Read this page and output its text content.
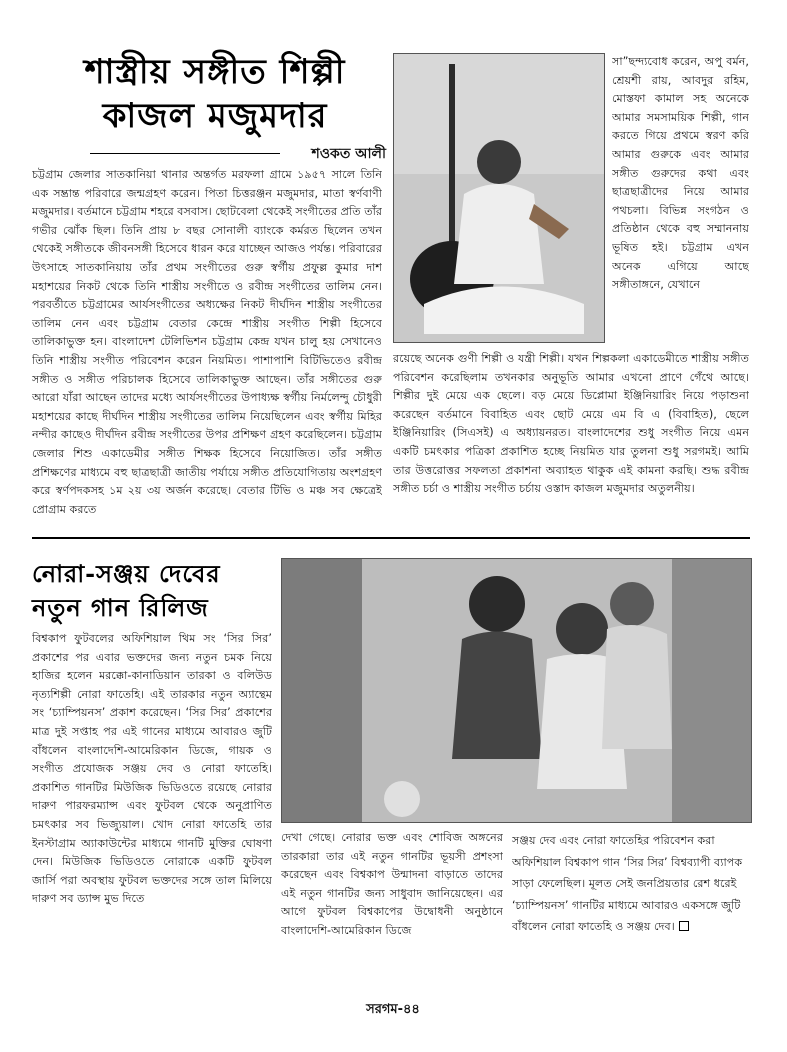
শাস্ত্রীয় সঙ্গীত শিল্পী
কাজল মজুমদার
শওকত আলী
চট্টগ্রাম জেলার সাতকানিয়া থানার অন্তর্গত মরফলা গ্রামে ১৯৫৭ সালে তিনি এক সম্ভ্রান্ত পরিবারে জন্মগ্রহণ করেন। পিতা চিত্তরঞ্জন মজুমদার, মাতা স্বর্ণবাণী মজুমদার। বর্তমানে চট্টগ্রাম শহরে বসবাস। ছোটবেলা থেকেই সংগীতের প্রতি তাঁর গভীর ঝোঁক ছিল। তিনি প্রায় ৮ বছর সোনালী ব্যাংকে কর্মরত ছিলেন তখন থেকেই সঙ্গীতকে জীবনসঙ্গী হিসেবে ধারন করে যাচ্ছেন আজও পর্যন্ত। পরিবারের উৎসাহে সাতকানিয়ায় তাঁর প্রথম সংগীতের গুরু স্বর্গীয় প্রফুল্ল কুমার দাশ মহাশয়ের নিকট থেকে তিনি শাস্ত্রীয় সংগীতে ও রবীন্দ্র সংগীতের তালিম নেন। পরবর্তীতে চট্টগ্রামের আর্যসংগীতের অধ্যক্ষের নিকট দীর্ঘদিন শাস্ত্রীয় সংগীতের তালিম নেন এবং চট্টগ্রাম বেতার কেন্দ্রে শাস্ত্রীয় সংগীত শিল্পী হিসেবে তালিকাভুক্ত হন। বাংলাদেশ টেলিভিশন চট্টগ্রাম কেন্দ্র যখন চালু হয় সেখানেও তিনি শাস্ত্রীয় সংগীত পরিবেশন করেন নিয়মিত। পাশাপাশি বিটিভিতেও রবীন্দ্র সঙ্গীত ও সঙ্গীত পরিচালক হিসেবে তালিকাভুক্ত আছেন। তাঁর সঙ্গীতের গুরু আরো যাঁরা আছেন তাদের মধ্যে আর্যসংগীতের উপাধ্যক্ষ স্বর্গীয় নির্মলেন্দু চৌধুরী মহাশয়ের কাছে দীর্ঘদিন শাস্ত্রীয় সংগীতের তালিম নিয়েছিলেন এবং স্বর্গীয় মিহির নন্দীর কাছেও দীর্ঘদিন রবীন্দ্র সংগীতের উপর প্রশিক্ষণ গ্রহণ করেছিলেন। চট্টগ্রাম জেলার শিশু একাডেমীর সঙ্গীত শিক্ষক হিসেবে নিয়োজিত। তাঁর সঙ্গীত প্রশিক্ষণের মাধ্যমে বহু ছাত্রছাত্রী জাতীয় পর্যায়ে সঙ্গীত প্রতিযোগিতায় অংশগ্রহণ করে স্বর্ণপদকসহ ১ম ২য় ৩য় অর্জন করেছে। বেতার টিভি ও মঞ্চ সব ক্ষেত্রেই প্রোগ্রাম করতে
সা”ছন্দ্যবোধ করেন, অপু বর্মন, শ্রেয়শী রায়, আবদুর রহিম, মোস্তফা কামাল সহ অনেকে আমার সমসাময়িক শিল্পী, গান করতে গিয়ে প্রথমে স্বরণ করি আমার গুরুকে এবং আমার সঙ্গীত গুরুদের কথা এবং ছাত্রছাত্রীদের নিয়ে আমার পথচলা। বিভিন্ন সংগঠন ও প্রতিষ্ঠান থেকে বহু সম্মাননায় ভূষিত হই। চট্টগ্রাম এখন অনেক এগিয়ে আছে সঙ্গীতাঙ্গনে, যেখানে
রয়েছে অনেক গুণী শিল্পী ও যন্ত্রী শিল্পী। যখন শিল্পকলা একাডেমীতে শাস্ত্রীয় সঙ্গীত পরিবেশন করেছিলাম তখনকার অনুভূতি আমার এখনো প্রাণে গেঁথে আছে। শিল্পীর দুই মেয়ে এক ছেলে। বড় মেয়ে ডিপ্লোমা ইঞ্জিনিয়ারিং নিয়ে পড়াশুনা করেছেন বর্তমানে বিবাহিত এবং ছোট মেয়ে এম বি এ (বিবাহিত), ছেলে ইঞ্জিনিয়ারিং (সিএসই) এ অধ্যায়নরত। বাংলাদেশের শুধু সংগীত নিয়ে এমন একটি চমৎকার পত্রিকা প্রকাশিত হচ্ছে নিয়মিত যার তুলনা শুধু সরগমই। আমি তার উত্তরোত্তর সফলতা প্রকাশনা অব্যাহত থাকুক এই কামনা করছি। শুদ্ধ রবীন্দ্র সঙ্গীত চর্চা ও শাস্ত্রীয় সংগীত চর্চায় ওস্তাদ কাজল মজুমদার অতুলনীয়।
নোরা-সঞ্জয় দেবের
নতুন গান রিলিজ
বিশ্বকাপ ফুটবলের অফিশিয়াল থিম সং ‘সির সির’ প্রকাশের পর এবার ভক্তদের জন্য নতুন চমক নিয়ে হাজির হলেন মরক্কো-কানাডিয়ান তারকা ও বলিউড নৃত্যশিল্পী নোরা ফাতেহি। এই তারকার নতুন অ্যান্থেম সং ‘চ্যাম্পিয়নস’ প্রকাশ করেছেন। ‘সির সির’ প্রকাশের মাত্র দুই সপ্তাহ পর এই গানের মাধ্যমে আবারও জুটি বাঁধলেন বাংলাদেশি-আমেরিকান ডিজে, গায়ক ও সংগীত প্রযোজক সঞ্জয় দেব ও নোরা ফাতেহি। প্রকাশিত গানটির মিউজিক ভিডিওতে রয়েছে নোরার দারুণ পারফরম্যান্স এবং ফুটবল থেকে অনুপ্রাণিত চমৎকার সব ভিজ্যুয়াল। খোদ নোরা ফাতেহি তার ইনস্টাগ্রাম অ্যাকাউন্টের মাধ্যমে গানটি মুক্তির ঘোষণা দেন। মিউজিক ভিডিওতে নোরাকে একটি ফুটবল জার্সি পরা অবস্থায় ফুটবল ভক্তদের সঙ্গে তাল মিলিয়ে দারুণ সব ড্যান্স মুভ দিতে
দেখা গেছে। নোরার ভক্ত এবং শোবিজ অঙ্গনের তারকারা তার এই নতুন গানটির ভূয়সী প্রশংসা করেছেন এবং বিশ্বকাপ উন্মাদনা বাড়াতে তাদের এই নতুন গানটির জন্য সাধুবাদ জানিয়েছেন। এর আগে ফুটবল বিশ্বকাপের উদ্বোধনী অনুষ্ঠানে বাংলাদেশি-আমেরিকান ডিজে
সঞ্জয় দেব এবং নোরা ফাতেহির পরিবেশন করা অফিশিয়াল বিশ্বকাপ গান ‘সির সির’ বিশ্বব্যাপী ব্যাপক সাড়া ফেলেছিল। মূলত সেই জনপ্রিয়তার রেশ ধরেই ‘চ্যাম্পিয়নস’ গানটির মাধ্যমে আবারও একসঙ্গে জুটি বাঁধলেন নোরা ফাতেহি ও সঞ্জয় দেব।
সরগম-৪৪
